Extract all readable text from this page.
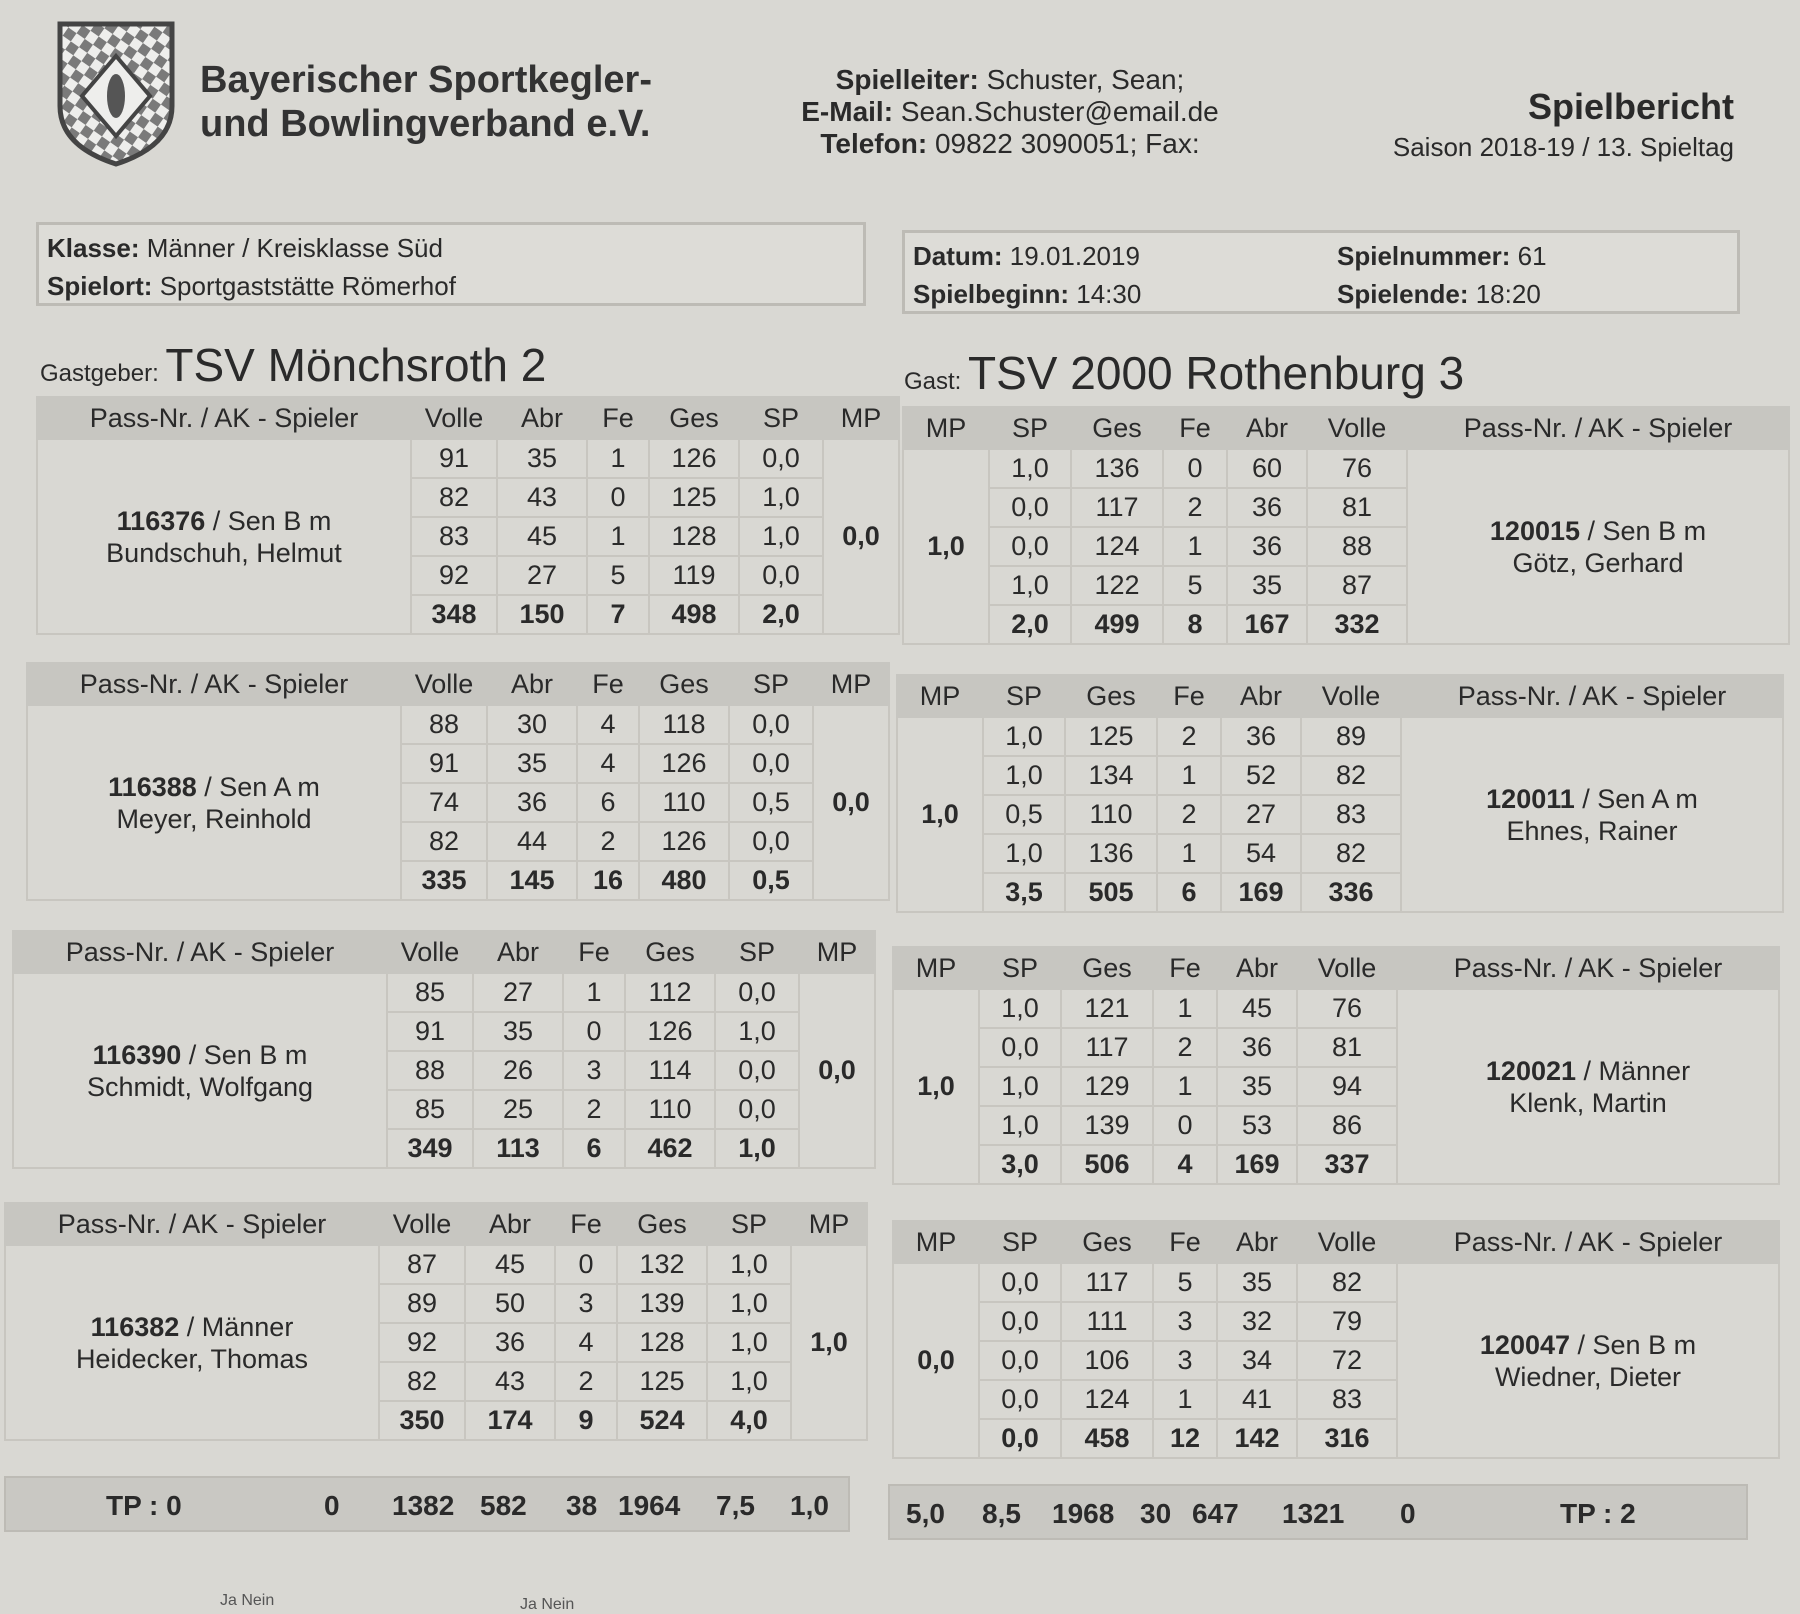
Bayerischer Sportkegler-
und Bowlingverband e.V.
Spielleiter: Schuster, Sean;
E-Mail: Sean.Schuster@email.de
Telefon: 09822 3090051; Fax:
Spielbericht
Saison 2018-19 / 13. Spieltag
Klasse: Männer / Kreisklasse Süd
Spielort: Sportgaststätte Römerhof
Datum: 19.01.2019
Spielbeginn: 14:30
Spielnummer: 61
Spielende: 18:20
Gastgeber: TSV Mönchsroth 2	Gast: TSV 2000 Rothenburg 3
Pass-Nr. / AK - Spieler	Volle	Abr	Fe	Ges	SP	MP

116376 / Sen B m
Bundschuh, Helmut	91	35	1	126	0,0	0,0
	82	43	0	125	1,0	
	83	45	1	128	1,0	
	92	27	5	119	0,0	
	348	150	7	498	2,0	
Pass-Nr. / AK - Spieler	Volle	Abr	Fe	Ges	SP	MP

116388 / Sen A m
Meyer, Reinhold	88	30	4	118	0,0	0,0
	91	35	4	126	0,0	
	74	36	6	110	0,5	
	82	44	2	126	0,0	
	335	145	16	480	0,5	
Pass-Nr. / AK - Spieler	Volle	Abr	Fe	Ges	SP	MP

116390 / Sen B m
Schmidt, Wolfgang	85	27	1	112	0,0	0,0
	91	35	0	126	1,0	
	88	26	3	114	0,0	
	85	25	2	110	0,0	
	349	113	6	462	1,0	
Pass-Nr. / AK - Spieler	Volle	Abr	Fe	Ges	SP	MP

116382 / Männer
Heidecker, Thomas	87	45	0	132	1,0	1,0
	89	50	3	139	1,0	
	92	36	4	128	1,0	
	82	43	2	125	1,0	
	350	174	9	524	4,0	
MP	SP	Ges	Fe	Abr	Volle	Pass-Nr. / AK - Spieler
1,0	1,0	136	0	60	76	120015 / Sen B m
Götz, Gerhard

	0,0	117	2	36	81	
	0,0	124	1	36	88	
	1,0	122	5	35	87	
	2,0	499	8	167	332	
MP	SP	Ges	Fe	Abr	Volle	Pass-Nr. / AK - Spieler
1,0	1,0	125	2	36	89	120011 / Sen A m
Ehnes, Rainer

	1,0	134	1	52	82	
	0,5	110	2	27	83	
	1,0	136	1	54	82	
	3,5	505	6	169	336	
MP	SP	Ges	Fe	Abr	Volle	Pass-Nr. / AK - Spieler
1,0	1,0	121	1	45	76	120021 / Männer
Klenk, Martin

	0,0	117	2	36	81	
	1,0	129	1	35	94	
	1,0	139	0	53	86	
	3,0	506	4	169	337	
MP	SP	Ges	Fe	Abr	Volle	Pass-Nr. / AK - Spieler
0,0	0,0	117	5	35	82	120047 / Sen B m
Wiedner, Dieter

	0,0	111	3	32	79	
	0,0	106	3	34	72	
	0,0	124	1	41	83	
	0,0	458	12	142	316	
TP : 0	0 1382 582 38 1964 7,5 1,0	5,0 8,5 1968 30 647 1321 0	TP : 2
Ja Nein	Ja Nein
